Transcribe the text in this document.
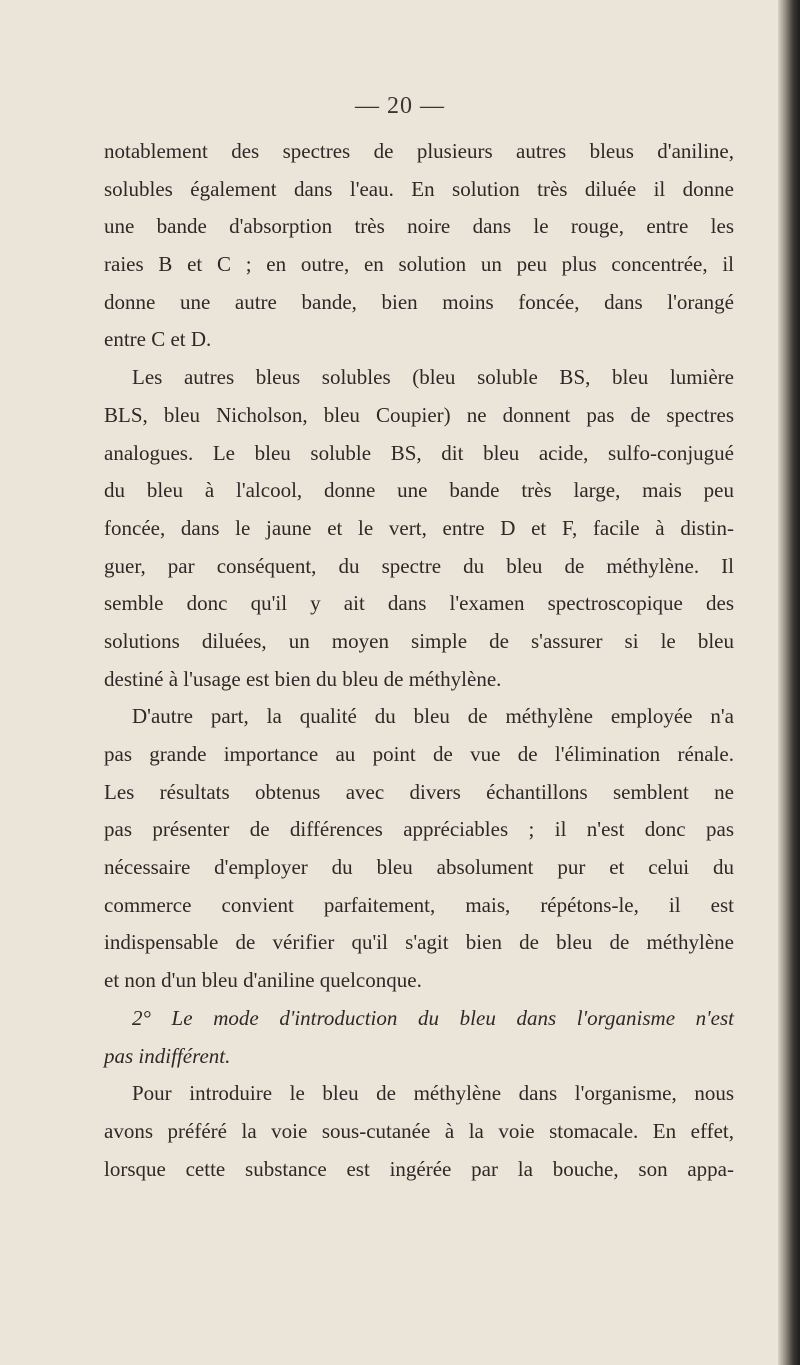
— 20 —
notablement des spectres de plusieurs autres bleus d'aniline,
solubles également dans l'eau. En solution très diluée il donne
une bande d'absorption très noire dans le rouge, entre les
raies B et C ; en outre, en solution un peu plus concentrée, il
donne une autre bande, bien moins foncée, dans l'orangé
entre C et D.
Les autres bleus solubles (bleu soluble BS, bleu lumière
BLS, bleu Nicholson, bleu Coupier) ne donnent pas de spectres
analogues. Le bleu soluble BS, dit bleu acide, sulfo-conjugué
du bleu à l'alcool, donne une bande très large, mais peu
foncée, dans le jaune et le vert, entre D et F, facile à distin-
guer, par conséquent, du spectre du bleu de méthylène. Il
semble donc qu'il y ait dans l'examen spectroscopique des
solutions diluées, un moyen simple de s'assurer si le bleu
destiné à l'usage est bien du bleu de méthylène.
D'autre part, la qualité du bleu de méthylène employée n'a
pas grande importance au point de vue de l'élimination rénale.
Les résultats obtenus avec divers échantillons semblent ne
pas présenter de différences appréciables ; il n'est donc pas
nécessaire d'employer du bleu absolument pur et celui du
commerce convient parfaitement, mais, répétons-le, il est
indispensable de vérifier qu'il s'agit bien de bleu de méthylène
et non d'un bleu d'aniline quelconque.
2° Le mode d'introduction du bleu dans l'organisme n'est
pas indifférent.
Pour introduire le bleu de méthylène dans l'organisme, nous
avons préféré la voie sous-cutanée à la voie stomacale. En effet,
lorsque cette substance est ingérée par la bouche, son appa-
